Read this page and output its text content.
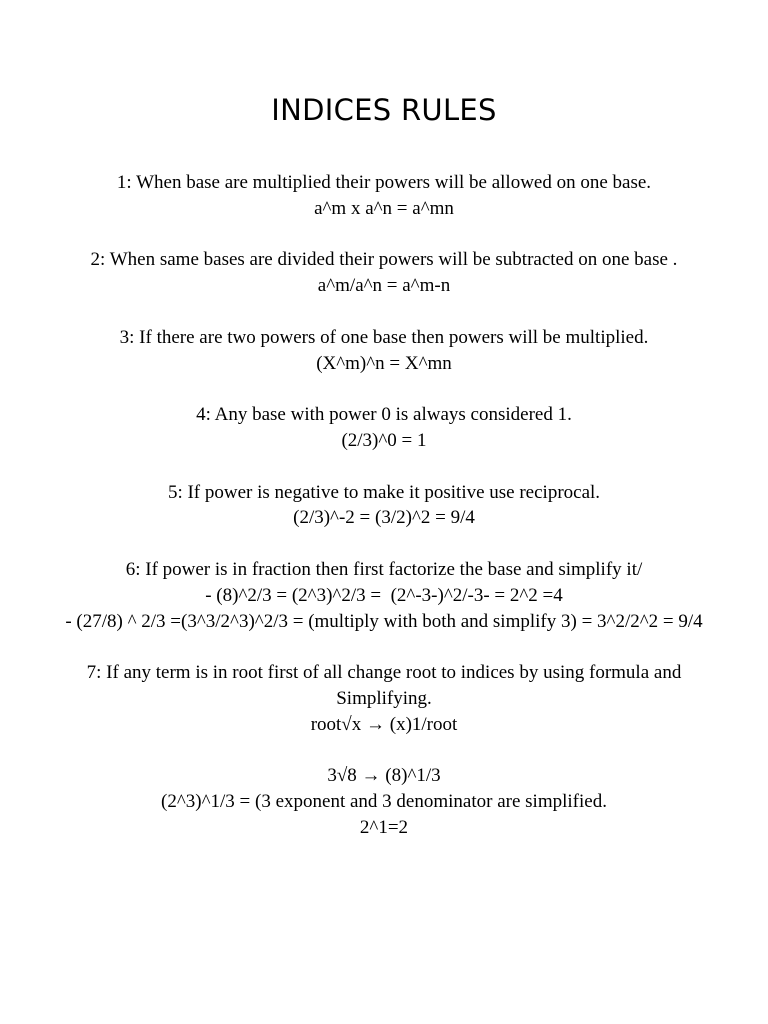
INDICES RULES
1: When base are multiplied their powers will be allowed on one base.
a^m x a^n = a^mn
2: When same bases are divided their powers will be subtracted on one base .
a^m/a^n = a^m-n
3: If there are two powers of one base then powers will be multiplied.
(X^m)^n = X^mn
4: Any base with power 0 is always considered 1.
(2/3)^0 = 1
5: If power is negative to make it positive use reciprocal.
(2/3)^-2 = (3/2)^2 = 9/4
6: If power is in fraction then first factorize the base and simplify it/
- (8)^2/3 = (2^3)^2/3 =  (2^-3-)^2/-3- = 2^2 =4
- (27/8) ^ 2/3 =(3^3/2^3)^2/3 = (multiply with both and simplify 3) = 3^2/2^2 = 9/4
7: If any term is in root first of all change root to indices by using formula and Simplifying.
root√x → (x)1/root
3√8 → (8)^1/3
(2^3)^1/3 = (3 exponent and 3 denominator are simplified.
2^1=2
